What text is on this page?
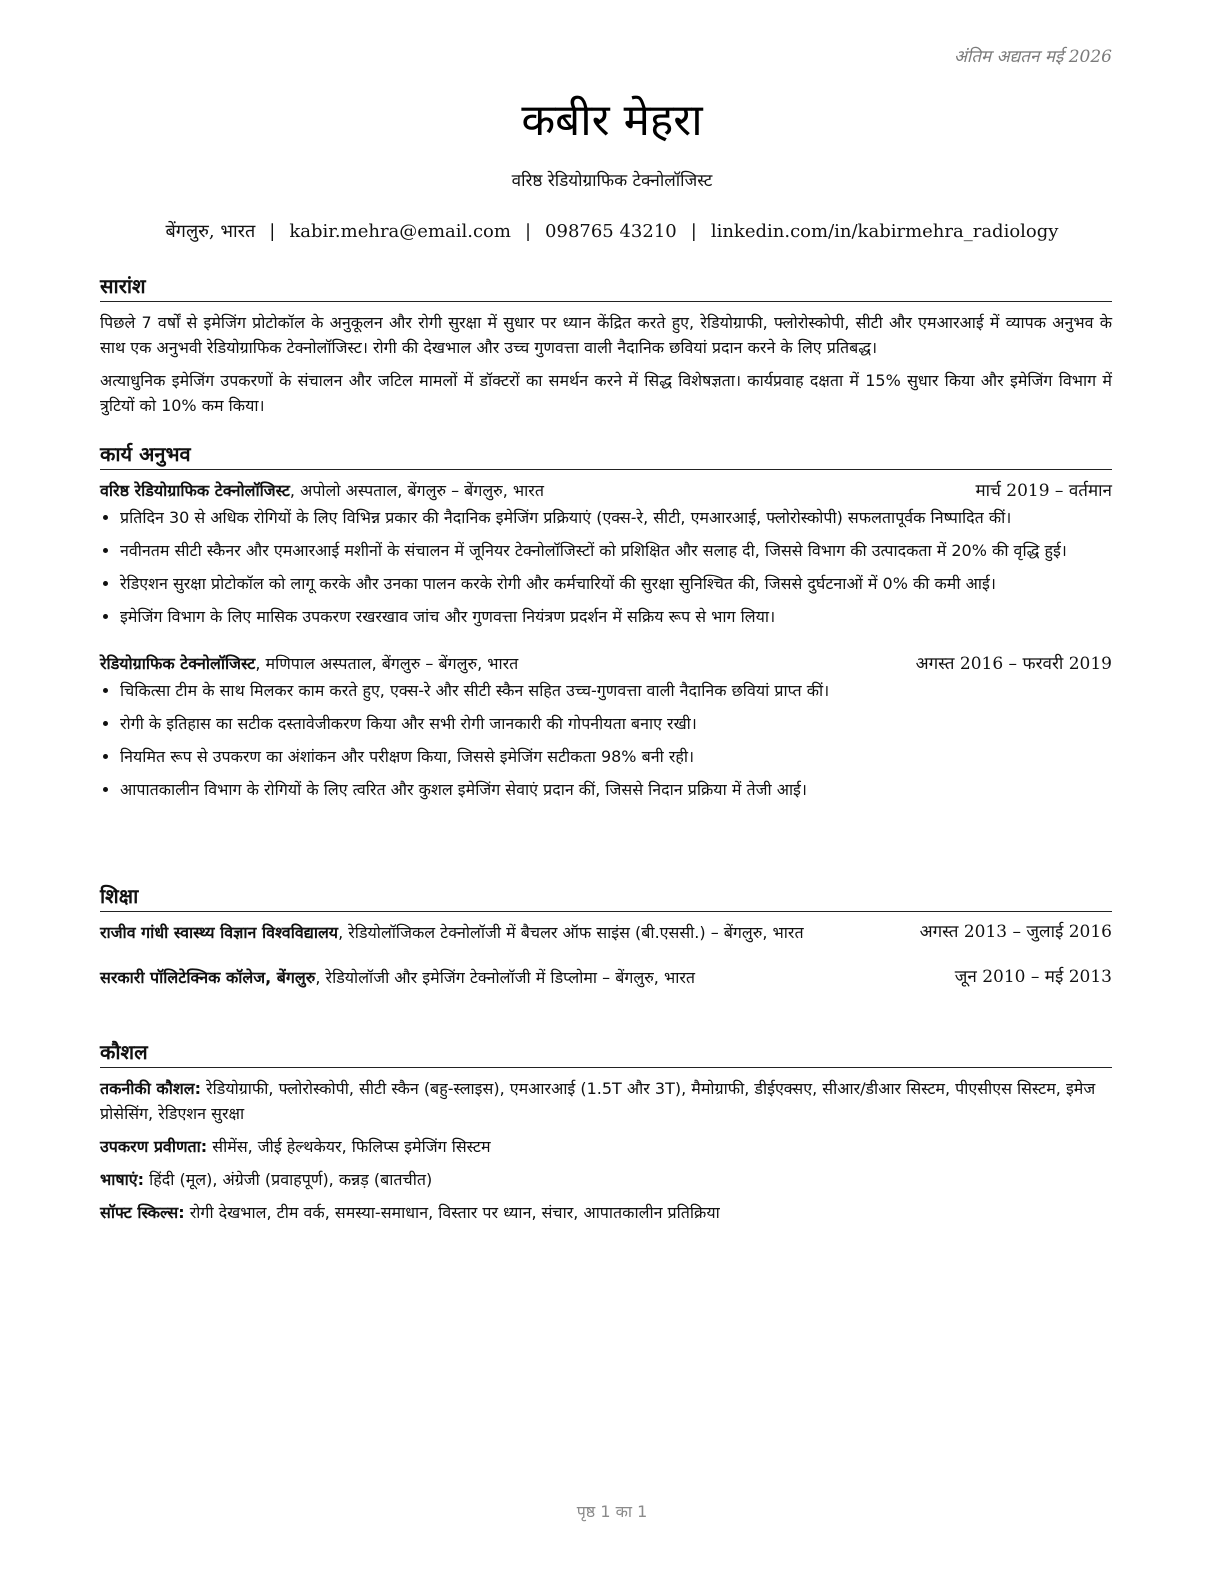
अंतिम अद्यतन मई 2026
कबीर मेहरा
वरिष्ठ रेडियोग्राफिक टेक्नोलॉजिस्ट
बेंगलुरु, भारत | kabir.mehra@email.com | 098765 43210 | linkedin.com/in/kabirmehra_radiology
सारांश

पिछले 7 वर्षों से इमेजिंग प्रोटोकॉल के अनुकूलन और रोगी सुरक्षा में सुधार पर ध्यान केंद्रित करते हुए, रेडियोग्राफी, फ्लोरोस्कोपी, सीटी और एमआरआई में व्यापक अनुभव के साथ एक अनुभवी रेडियोग्राफिक टेक्नोलॉजिस्ट। रोगी की देखभाल और उच्च गुणवत्ता वाली नैदानिक छवियां प्रदान करने के लिए प्रतिबद्ध।

अत्याधुनिक इमेजिंग उपकरणों के संचालन और जटिल मामलों में डॉक्टरों का समर्थन करने में सिद्ध विशेषज्ञता। कार्यप्रवाह दक्षता में 15% सुधार किया और इमेजिंग विभाग में त्रुटियों को 10% कम किया।

कार्य अनुभव
वरिष्ठ रेडियोग्राफिक टेक्नोलॉजिस्ट, अपोलो अस्पताल, बेंगलुरु – बेंगलुरु, भारत	मार्च 2019 – वर्तमान
• प्रतिदिन 30 से अधिक रोगियों के लिए विभिन्न प्रकार की नैदानिक इमेजिंग प्रक्रियाएं (एक्स-रे, सीटी, एमआरआई, फ्लोरोस्कोपी) सफलतापूर्वक निष्पादित कीं।
• नवीनतम सीटी स्कैनर और एमआरआई मशीनों के संचालन में जूनियर टेक्नोलॉजिस्टों को प्रशिक्षित और सलाह दी, जिससे विभाग की उत्पादकता में 20% की वृद्धि हुई।
• रेडिएशन सुरक्षा प्रोटोकॉल को लागू करके और उनका पालन करके रोगी और कर्मचारियों की सुरक्षा सुनिश्चित की, जिससे दुर्घटनाओं में 0% की कमी आई।
• इमेजिंग विभाग के लिए मासिक उपकरण रखरखाव जांच और गुणवत्ता नियंत्रण प्रदर्शन में सक्रिय रूप से भाग लिया।
रेडियोग्राफिक टेक्नोलॉजिस्ट, मणिपाल अस्पताल, बेंगलुरु – बेंगलुरु, भारत	अगस्त 2016 – फरवरी 2019
• चिकित्सा टीम के साथ मिलकर काम करते हुए, एक्स-रे और सीटी स्कैन सहित उच्च-गुणवत्ता वाली नैदानिक छवियां प्राप्त कीं।
• रोगी के इतिहास का सटीक दस्तावेजीकरण किया और सभी रोगी जानकारी की गोपनीयता बनाए रखी।
• नियमित रूप से उपकरण का अंशांकन और परीक्षण किया, जिससे इमेजिंग सटीकता 98% बनी रही।
• आपातकालीन विभाग के रोगियों के लिए त्वरित और कुशल इमेजिंग सेवाएं प्रदान कीं, जिससे निदान प्रक्रिया में तेजी आई।
शिक्षा
राजीव गांधी स्वास्थ्य विज्ञान विश्वविद्यालय, रेडियोलॉजिकल टेक्नोलॉजी में बैचलर ऑफ साइंस (बी.एससी.) – बेंगलुरु, भारत	अगस्त 2013 – जुलाई 2016
सरकारी पॉलिटेक्निक कॉलेज, बेंगलुरु, रेडियोलॉजी और इमेजिंग टेक्नोलॉजी में डिप्लोमा – बेंगलुरु, भारत	जून 2010 – मई 2013
कौशल
तकनीकी कौशल: रेडियोग्राफी, फ्लोरोस्कोपी, सीटी स्कैन (बहु-स्लाइस), एमआरआई (1.5T और 3T), मैमोग्राफी, डीईएक्सए, सीआर/डीआर सिस्टम, पीएसीएस सिस्टम, इमेज प्रोसेसिंग, रेडिएशन सुरक्षा
उपकरण प्रवीणता: सीमेंस, जीई हेल्थकेयर, फिलिप्स इमेजिंग सिस्टम
भाषाएं: हिंदी (मूल), अंग्रेजी (प्रवाहपूर्ण), कन्नड़ (बातचीत)
सॉफ्ट स्किल्स: रोगी देखभाल, टीम वर्क, समस्या-समाधान, विस्तार पर ध्यान, संचार, आपातकालीन प्रतिक्रिया
पृष्ठ 1 का 1
